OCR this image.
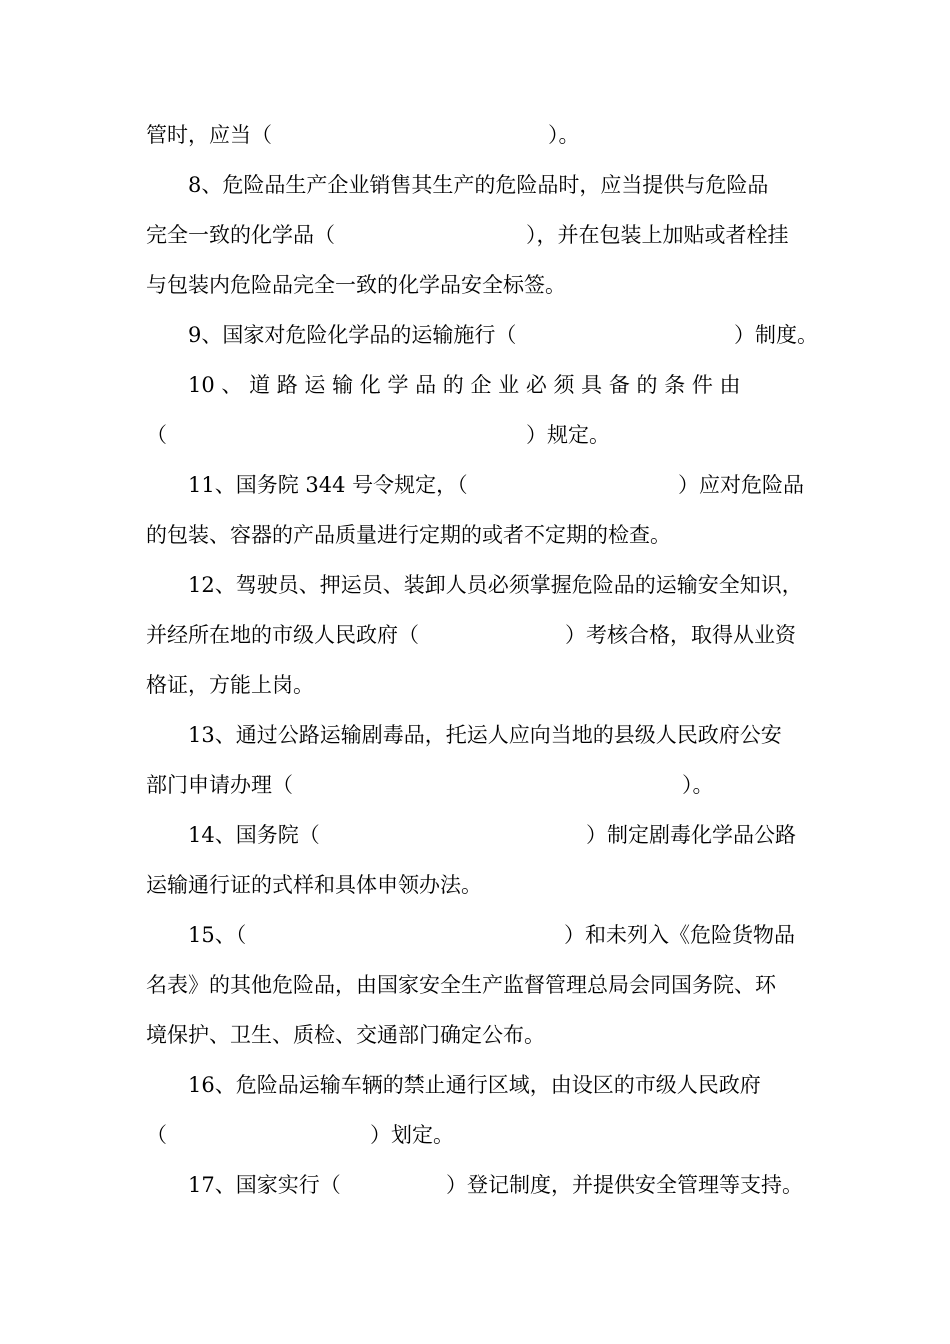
管时，应当（	）。
8、危险品生产企业销售其生产的危险品时，应当提供与危险品
完全一致的化学品（	），并在包装上加贴或者栓挂
与包装内危险品完全一致的化学品安全标签。
9、国家对危险化学品的运输施行（	）制度。
10 、 道 路 运 输 化 学 品 的 企 业 必 须 具 备 的 条 件 由
（	）规定。
11、国务院 344 号令规定，（	）应对危险品
的包装、容器的产品质量进行定期的或者不定期的检查。
12、驾驶员、押运员、装卸人员必须掌握危险品的运输安全知识，
并经所在地的市级人民政府（	）考核合格，取得从业资
格证，方能上岗。
13、通过公路运输剧毒品，托运人应向当地的县级人民政府公安
部门申请办理（	）。
14、国务院（	）制定剧毒化学品公路
运输通行证的式样和具体申领办法。
15、（	）和未列入《危险货物品
名表》的其他危险品，由国家安全生产监督管理总局会同国务院、环
境保护、卫生、质检、交通部门确定公布。
16、危险品运输车辆的禁止通行区域，由设区的市级人民政府
（	）划定。
17、国家实行（	）登记制度，并提供安全管理等支持。
